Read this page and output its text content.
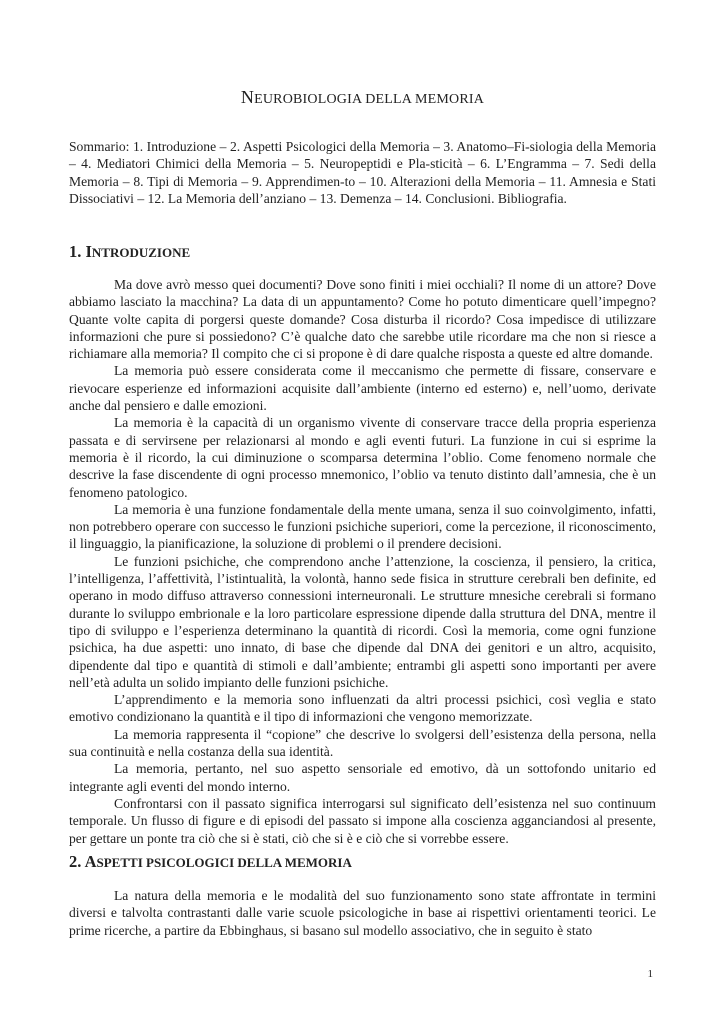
NEUROBIOLOGIA DELLA MEMORIA

Sommario: 1. Introduzione – 2. Aspetti Psicologici della Memoria – 3. Anatomo–Fi-siologia della Memoria – 4. Mediatori Chimici della Memoria – 5. Neuropeptidi e Pla-sticità – 6. L’Engramma – 7. Sedi della Memoria – 8. Tipi di Memoria – 9. Apprendimen-to – 10. Alterazioni della Memoria – 11. Amnesia e Stati Dissociativi – 12. La Memoria dell’anziano – 13. Demenza – 14. Conclusioni. Bibliografia.

1. INTRODUZIONE

Ma dove avrò messo quei documenti? Dove sono finiti i miei occhiali? Il nome di un attore? Dove abbiamo lasciato la macchina? La data di un appuntamento? Come ho potuto dimenticare quell’impegno? Quante volte capita di porgersi queste domande? Cosa disturba il ricordo? Cosa impedisce di utilizzare informazioni che pure si possiedono? C’è qualche dato che sarebbe utile ricordare ma che non si riesce a richiamare alla memoria? Il compito che ci si propone è di dare qualche risposta a queste ed altre domande.

La memoria può essere considerata come il meccanismo che permette di fissare, conservare e rievocare esperienze ed informazioni acquisite dall’ambiente (interno ed esterno) e, nell’uomo, derivate anche dal pensiero e dalle emozioni.

La memoria è la capacità di un organismo vivente di conservare tracce della propria esperienza passata e di servirsene per relazionarsi al mondo e agli eventi futuri. La funzione in cui si esprime la memoria è il ricordo, la cui diminuzione o scomparsa determina l’oblio. Come fenomeno normale che descrive la fase discendente di ogni processo mnemonico, l’oblio va tenuto distinto dall’amnesia, che è un fenomeno patologico.

La memoria è una funzione fondamentale della mente umana, senza il suo coinvolgimento, infatti, non potrebbero operare con successo le funzioni psichiche superiori, come la percezione, il riconoscimento, il linguaggio, la pianificazione, la soluzione di problemi o il prendere decisioni.

Le funzioni psichiche, che comprendono anche l’attenzione, la coscienza, il pensiero, la critica, l’intelligenza, l’affettività, l’istintualità, la volontà, hanno sede fisica in strutture cerebrali ben definite, ed operano in modo diffuso attraverso connessioni interneuronali. Le strutture mnesiche cerebrali si formano durante lo sviluppo embrionale e la loro particolare espressione dipende dalla struttura del DNA, mentre il tipo di sviluppo e l’esperienza determinano la quantità di ricordi. Così la memoria, come ogni funzione psichica, ha due aspetti: uno innato, di base che dipende dal DNA dei genitori e un altro, acquisito, dipendente dal tipo e quantità di stimoli e dall’ambiente; entrambi gli aspetti sono importanti per avere nell’età adulta un solido impianto delle funzioni psichiche.

L’apprendimento e la memoria sono influenzati da altri processi psichici, così veglia e stato emotivo condizionano la quantità e il tipo di informazioni che vengono memorizzate.

La memoria rappresenta il “copione” che descrive lo svolgersi dell’esistenza della persona, nella sua continuità e nella costanza della sua identità.

La memoria, pertanto, nel suo aspetto sensoriale ed emotivo, dà un sottofondo unitario ed integrante agli eventi del mondo interno.

Confrontarsi con il passato significa interrogarsi sul significato dell’esistenza nel suo continuum temporale. Un flusso di figure e di episodi del passato si impone alla coscienza agganciandosi al presente, per gettare un ponte tra ciò che si è stati, ciò che si è e ciò che si vorrebbe essere.

2. ASPETTI PSICOLOGICI DELLA MEMORIA

La natura della memoria e le modalità del suo funzionamento sono state affrontate in termini diversi e talvolta contrastanti dalle varie scuole psicologiche in base ai rispettivi orientamenti teorici. Le prime ricerche, a partire da Ebbinghaus, si basano sul modello associativo, che in seguito è stato

1
